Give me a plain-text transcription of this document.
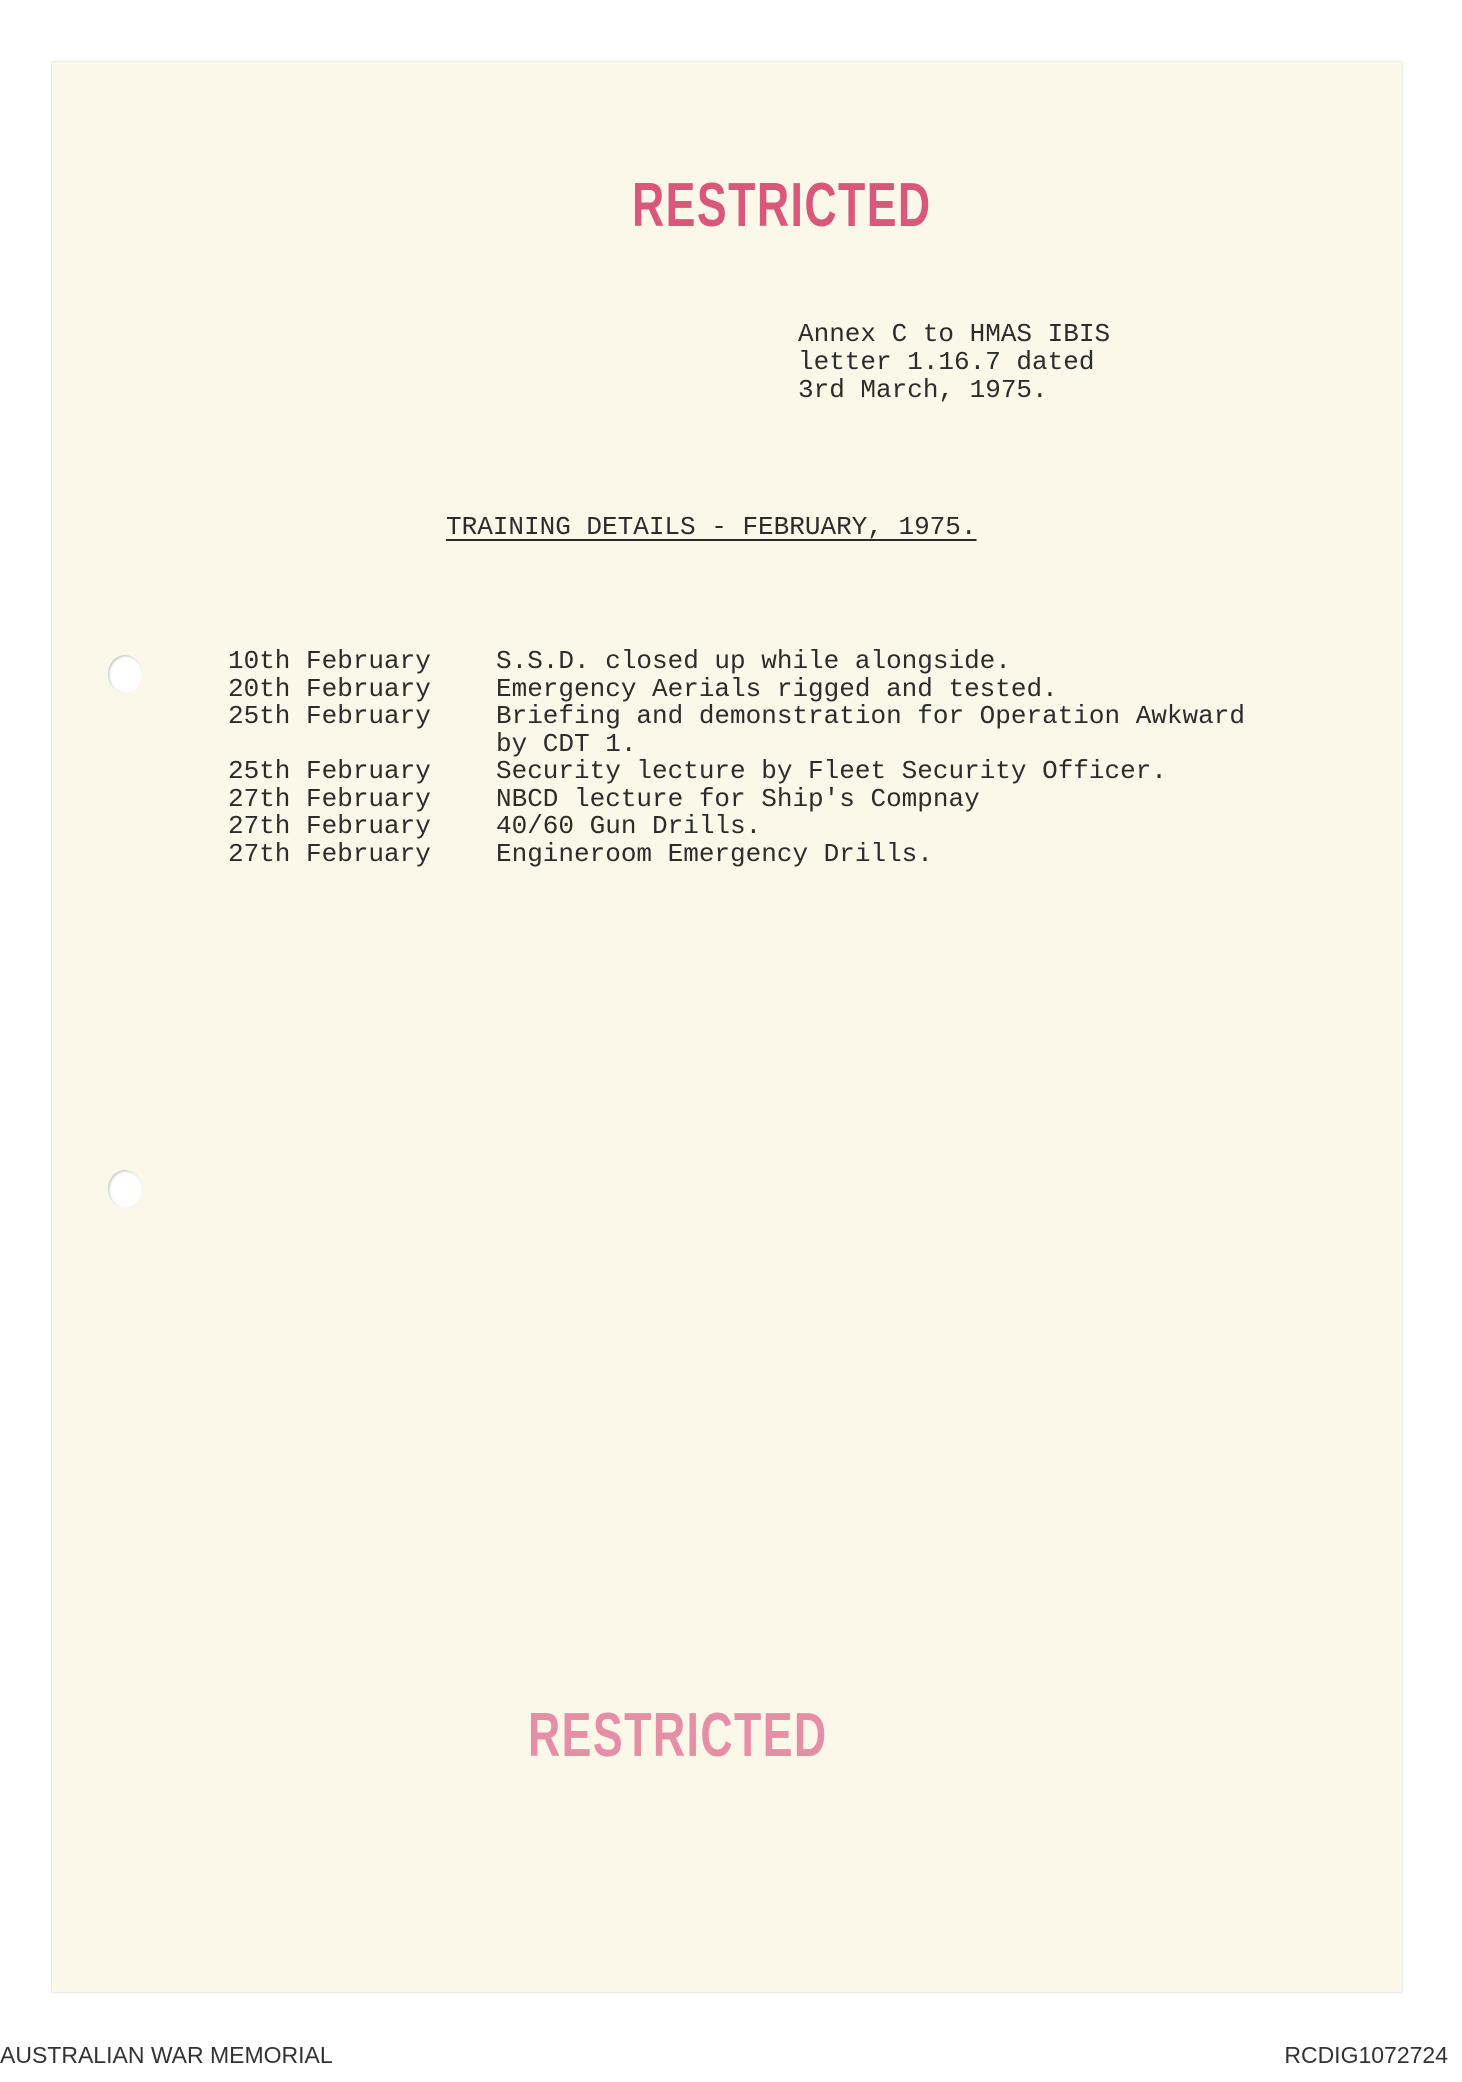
RESTRICTED
Annex C to HMAS IBIS
letter 1.16.7 dated
3rd March, 1975.
TRAINING DETAILS - FEBRUARY, 1975.
10th February	S.S.D. closed up while alongside.
20th February	Emergency Aerials rigged and tested.
25th February	Briefing and demonstration for Operation Awkward by CDT 1.
25th February	Security lecture by Fleet Security Officer.
27th February	NBCD lecture for Ship's Compnay
27th February	40/60 Gun Drills.
27th February	Engineroom Emergency Drills.
RESTRICTED
AUSTRALIAN WAR MEMORIAL	RCDIG1072724
